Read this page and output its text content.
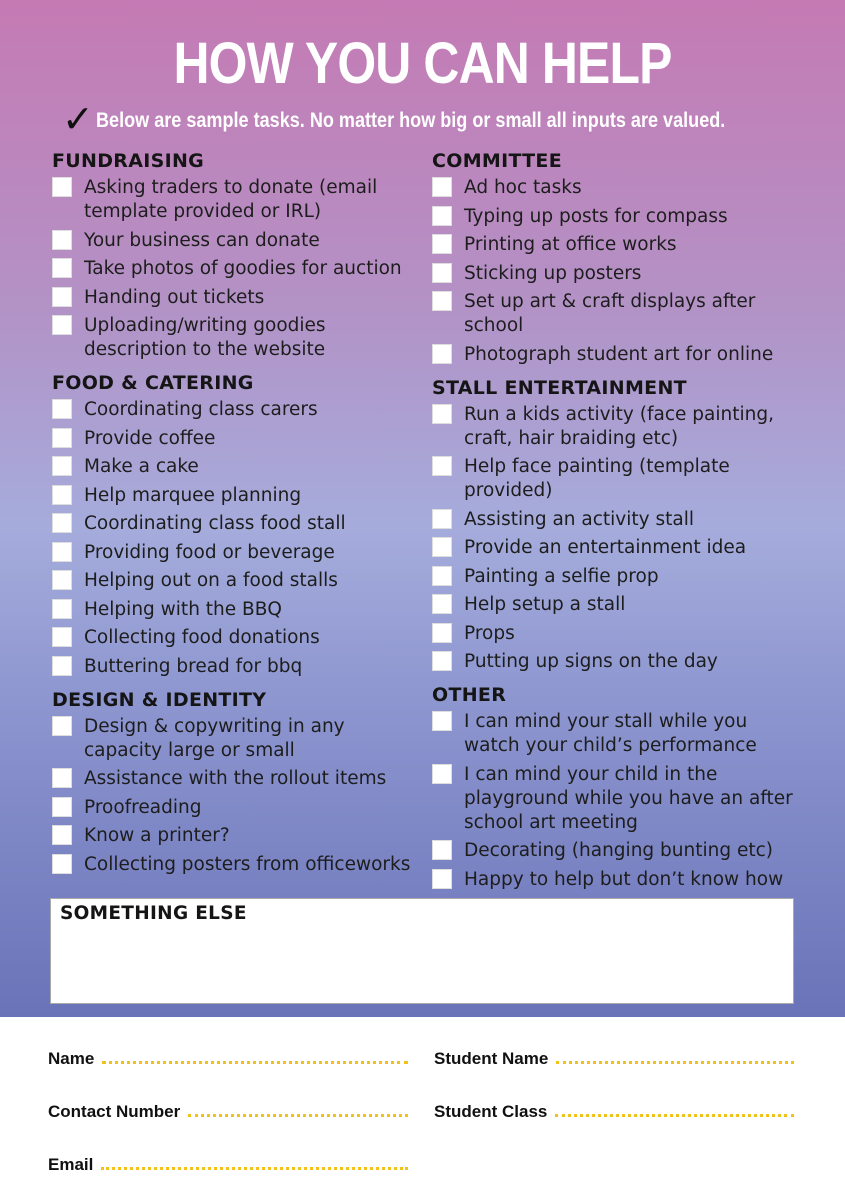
HOW YOU CAN HELP
✓Below are sample tasks. No matter how big or small all inputs are valued.
FUNDRAISING
Asking traders to donate (email template provided or IRL)
Your business can donate
Take photos of goodies for auction
Handing out tickets
Uploading/writing goodies description to the website
FOOD & CATERING
Coordinating class carers
Provide coffee
Make a cake
Help marquee planning
Coordinating class food stall
Providing food or beverage
Helping out on a food stalls
Helping with the BBQ
Collecting food donations
Buttering bread for bbq
DESIGN & IDENTITY
Design & copywriting in any capacity large or small
Assistance with the rollout items
Proofreading
Know a printer?
Collecting posters from officeworks
COMMITTEE
Ad hoc tasks
Typing up posts for compass
Printing at office works
Sticking up posters
Set up art & craft displays after school
Photograph student art for online
STALL ENTERTAINMENT
Run a kids activity (face painting, craft, hair braiding etc)
Help face painting (template provided)
Assisting an activity stall
Provide an entertainment idea
Painting a selfie prop
Help setup a stall
Props
Putting up signs on the day
OTHER
I can mind your stall while you watch your child’s performance
I can mind your child in the playground while you have an after school art meeting
Decorating (hanging bunting etc)
Happy to help but don’t know how
SOMETHING ELSE
Name	Student Name
Contact Number	Student Class
Email
